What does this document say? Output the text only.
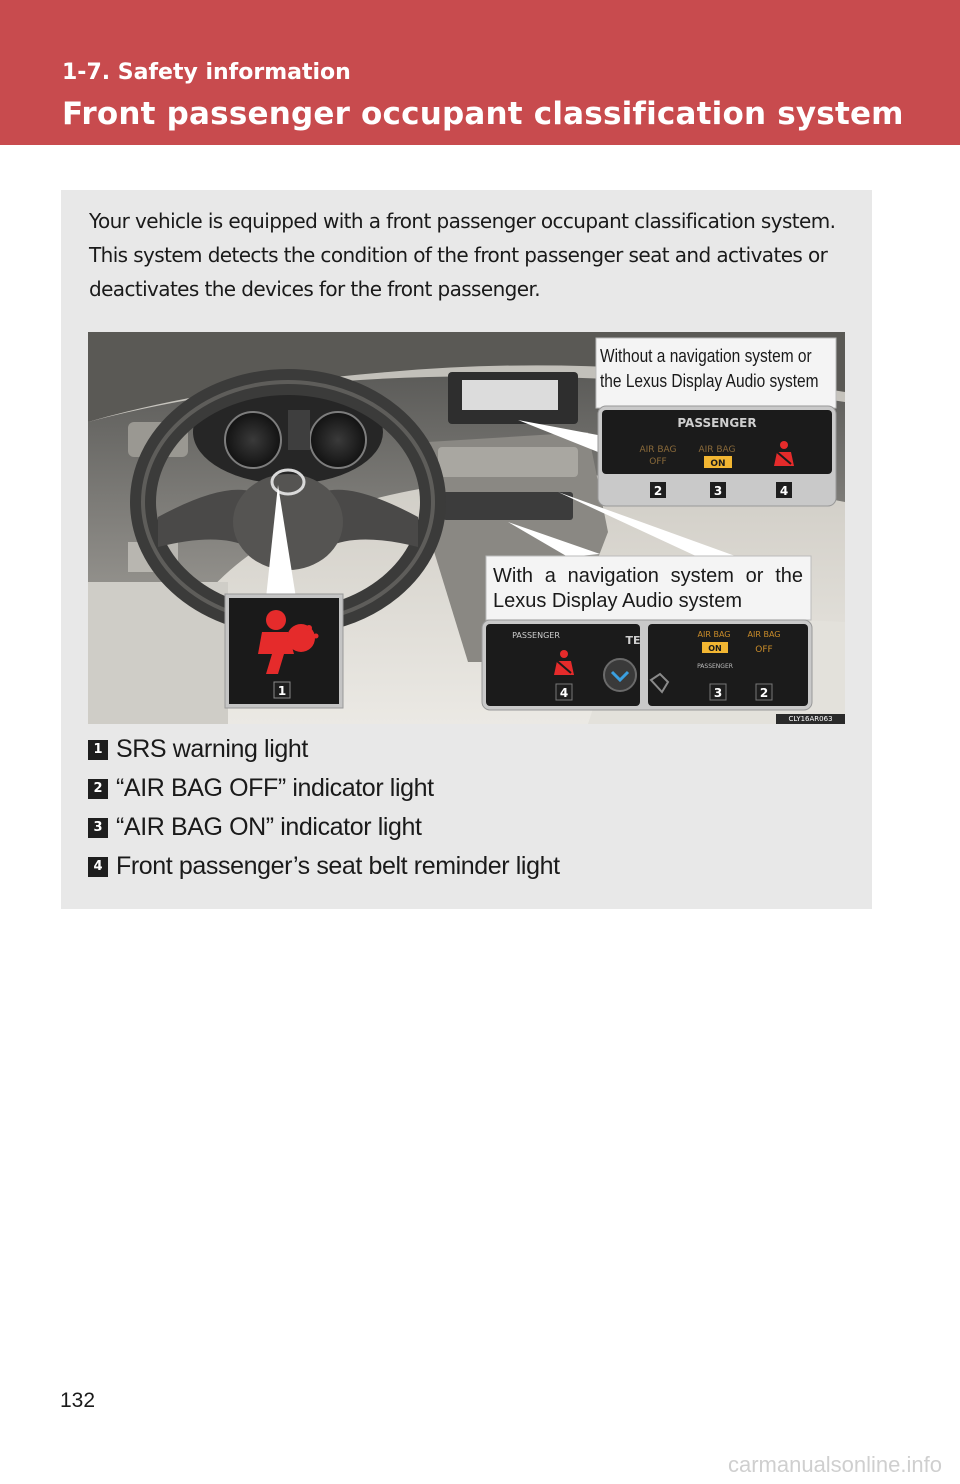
1-7. Safety information
Front passenger occupant classification system

Your vehicle is equipped with a front passenger occupant classification system. This system detects the condition of the front passenger seat and activates or deactivates the devices for the front passenger.

PASSENGER
AIR BAG
OFF
AIR BAG
ON
2	3	4
PASSENGER	TE	AIR BAG
ON
AIR BAG
OFF
PASSENGER
4	3	2
1
Without a navigation system or the Lexus Display Audio system
With a navigation system or the Lexus Display Audio system
CLY16AR063
1 SRS warning light
2 “AIR BAG OFF” indicator light
3 “AIR BAG ON” indicator light
4 Front passenger’s seat belt reminder light
132
carmanualsonline.info
